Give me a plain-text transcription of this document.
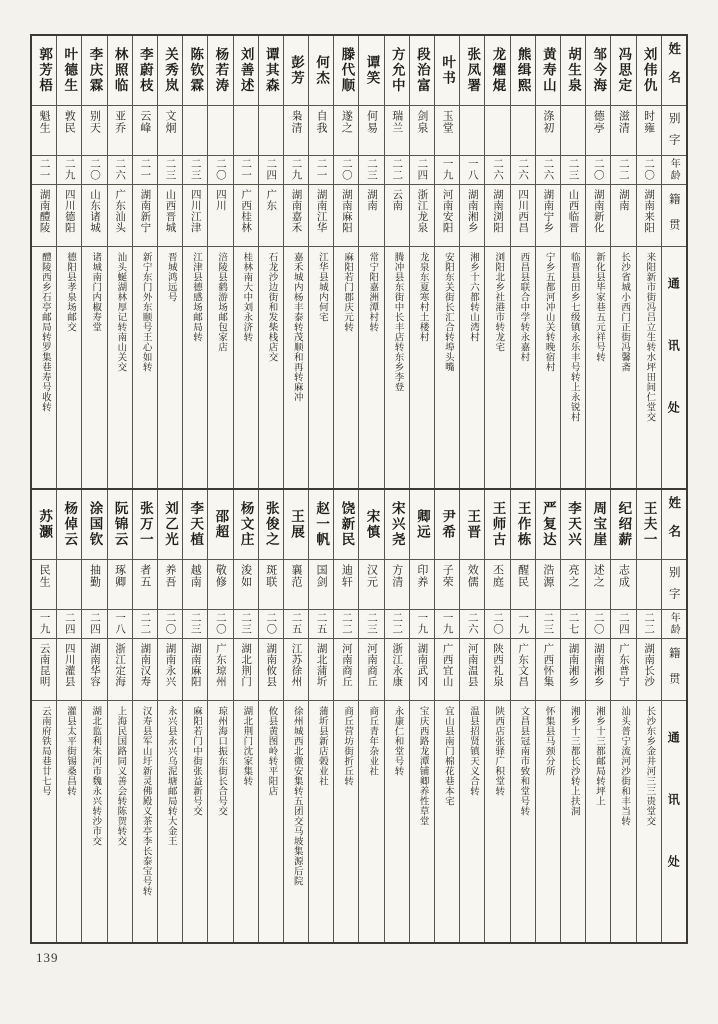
郭芳梧
魁生
二一
湖南醴陵
醴陵西乡石亭邮局转罗集巷寿号收转
叶德生
敦民
二九
四川德阳
德阳县孝泉场邮交
李庆霖
别天
二〇
山东诸城
诸城南门内椒寿堂
林照临
亚乔
二六
广东汕头
汕头蜒湖林厚记转南山关交
李蔚枝
云峰
二一
湖南新宁
新宁东门外东颐号王心如转
关秀岚
文炯
二三
山西晋城
晋城鸿远号
陈钦霖
二三
四川江津
江津县德感场邮局转
杨若涛
二〇
四川
涪陵县鹤游场邮包家店
刘善述
二一
广西桂林
桂林南大中刘永济转
谭其森
二四
广东
石龙沙边街和发柴栈店交
彭芳
枭清
二九
湖南嘉禾
嘉禾城内杨丰泰转茂顺和再转麻冲
何杰
自我
二一
湖南江华
江华县城内何宅
滕代顺
遂之
二〇
湖南麻阳
麻阳若门郡庆元转
谭笑
何易
二三
湖南
常宁阳嘉洲潭村转
方允中
瑞兰
二二
云南
腾冲县东街中长丰店转东乡李登
段治富
剑泉
二四
浙江龙泉
龙泉东夏寒村土楼村
叶书
玉堂
一九
河南安阳
安阳东关街长汇合转埠头嘴
张凤署
一八
湖南湘乡
湘乡十六都转山湾村
龙燿焜
二六
湖南浏阳
浏阳北乡社港市转龙宅
熊缉熙
二六
四川西昌
西昌县联合中学转永嘉村
黄寿山
涤初
二六
湖南宁乡
宁乡五都河冲山关转晚宿村
胡生泉
二三
山西临晋
临晋县田乡七级镇永乐丰号转上永锐村
邹今海
德亭
二〇
湖南新化
新化县毕家巷五元祥号转
冯思定
滋清
二二
湖南
长沙省城小西门正街冯馨斋
刘伟仇
时雍
二〇
湖南来阳
来阳新市街冯吕立生转水坪田间仁堂交
姓名
别字
年龄
籍贯
通讯处
苏灏
民生
一九
云南昆明
云南府铁局巷廿七号
杨倬云
二四
四川灌县
灌县太平街锡桑昌转
涂国钦
抽勤
二四
湖南华容
湖北监利朱河市魏永兴转沙市交
阮锦云
琢卿
一八
浙江定海
上海民国路同义善会转陈贺转交
张万一
者五
二二
湖南汉寿
汉寿县军山圩新灵佛殿义茶亭李长泰宝号转
刘乙光
养吾
二〇
湖南永兴
永兴县永兴乌泥塘邮局转大金王
李天植
越南
二三
湖南麻阳
麻阳若门中街张益新号交
邵超
敬修
二〇
广东琼州
琼州海口振东街长合号交
杨文庄
浚如
二三
湖北荆门
湖北荆门沈家集转
张俊之
斑联
二〇
湖南攸县
攸县黄图岭转平阳店
王展
襄范
二五
江苏徐州
徐州城西北微安集转五团交马坡集源后院
赵一帆
国剑
二五
湖北蒲圻
蒲圻县新店榖业社
饶新民
迪轩
二二
河南商丘
商丘营坊街折丘转
宋慎
汉元
二三
河南商丘
商丘青年杂业社
宋兴尧
方清
二二
浙江永康
永康仁和堂号转
卿远
印养
一九
湖南武冈
宝庆西路龙潭铺卿养性草堂
尹希
子荣
一九
广西宜山
宜山县南门棉花巷本宅
王晋
效儒
二六
河南温县
温县招贤镇天义合转
王师古
丕庭
二〇
陕西礼泉
陕西店张驿广积堂转
王作栋
醒民
一九
广东文昌
文昌县冠南市致和堂号转
严复达
浩源
二三
广西怀集
怀集县马颈分所
李天兴
亮之
二七
湖南湘乡
湘乡十三都长沙转上扶洞
周宝崖
述之
二〇
湖南湘乡
湘乡十三都邮局转坪上
纪绍薪
志成
二四
广东普宁
汕头普宁流河沙街和丰当转
王夫一
二二
湖南长沙
长沙东乡金井河三三贵堂交
姓名
别字
年龄
籍贯
通讯处
139
